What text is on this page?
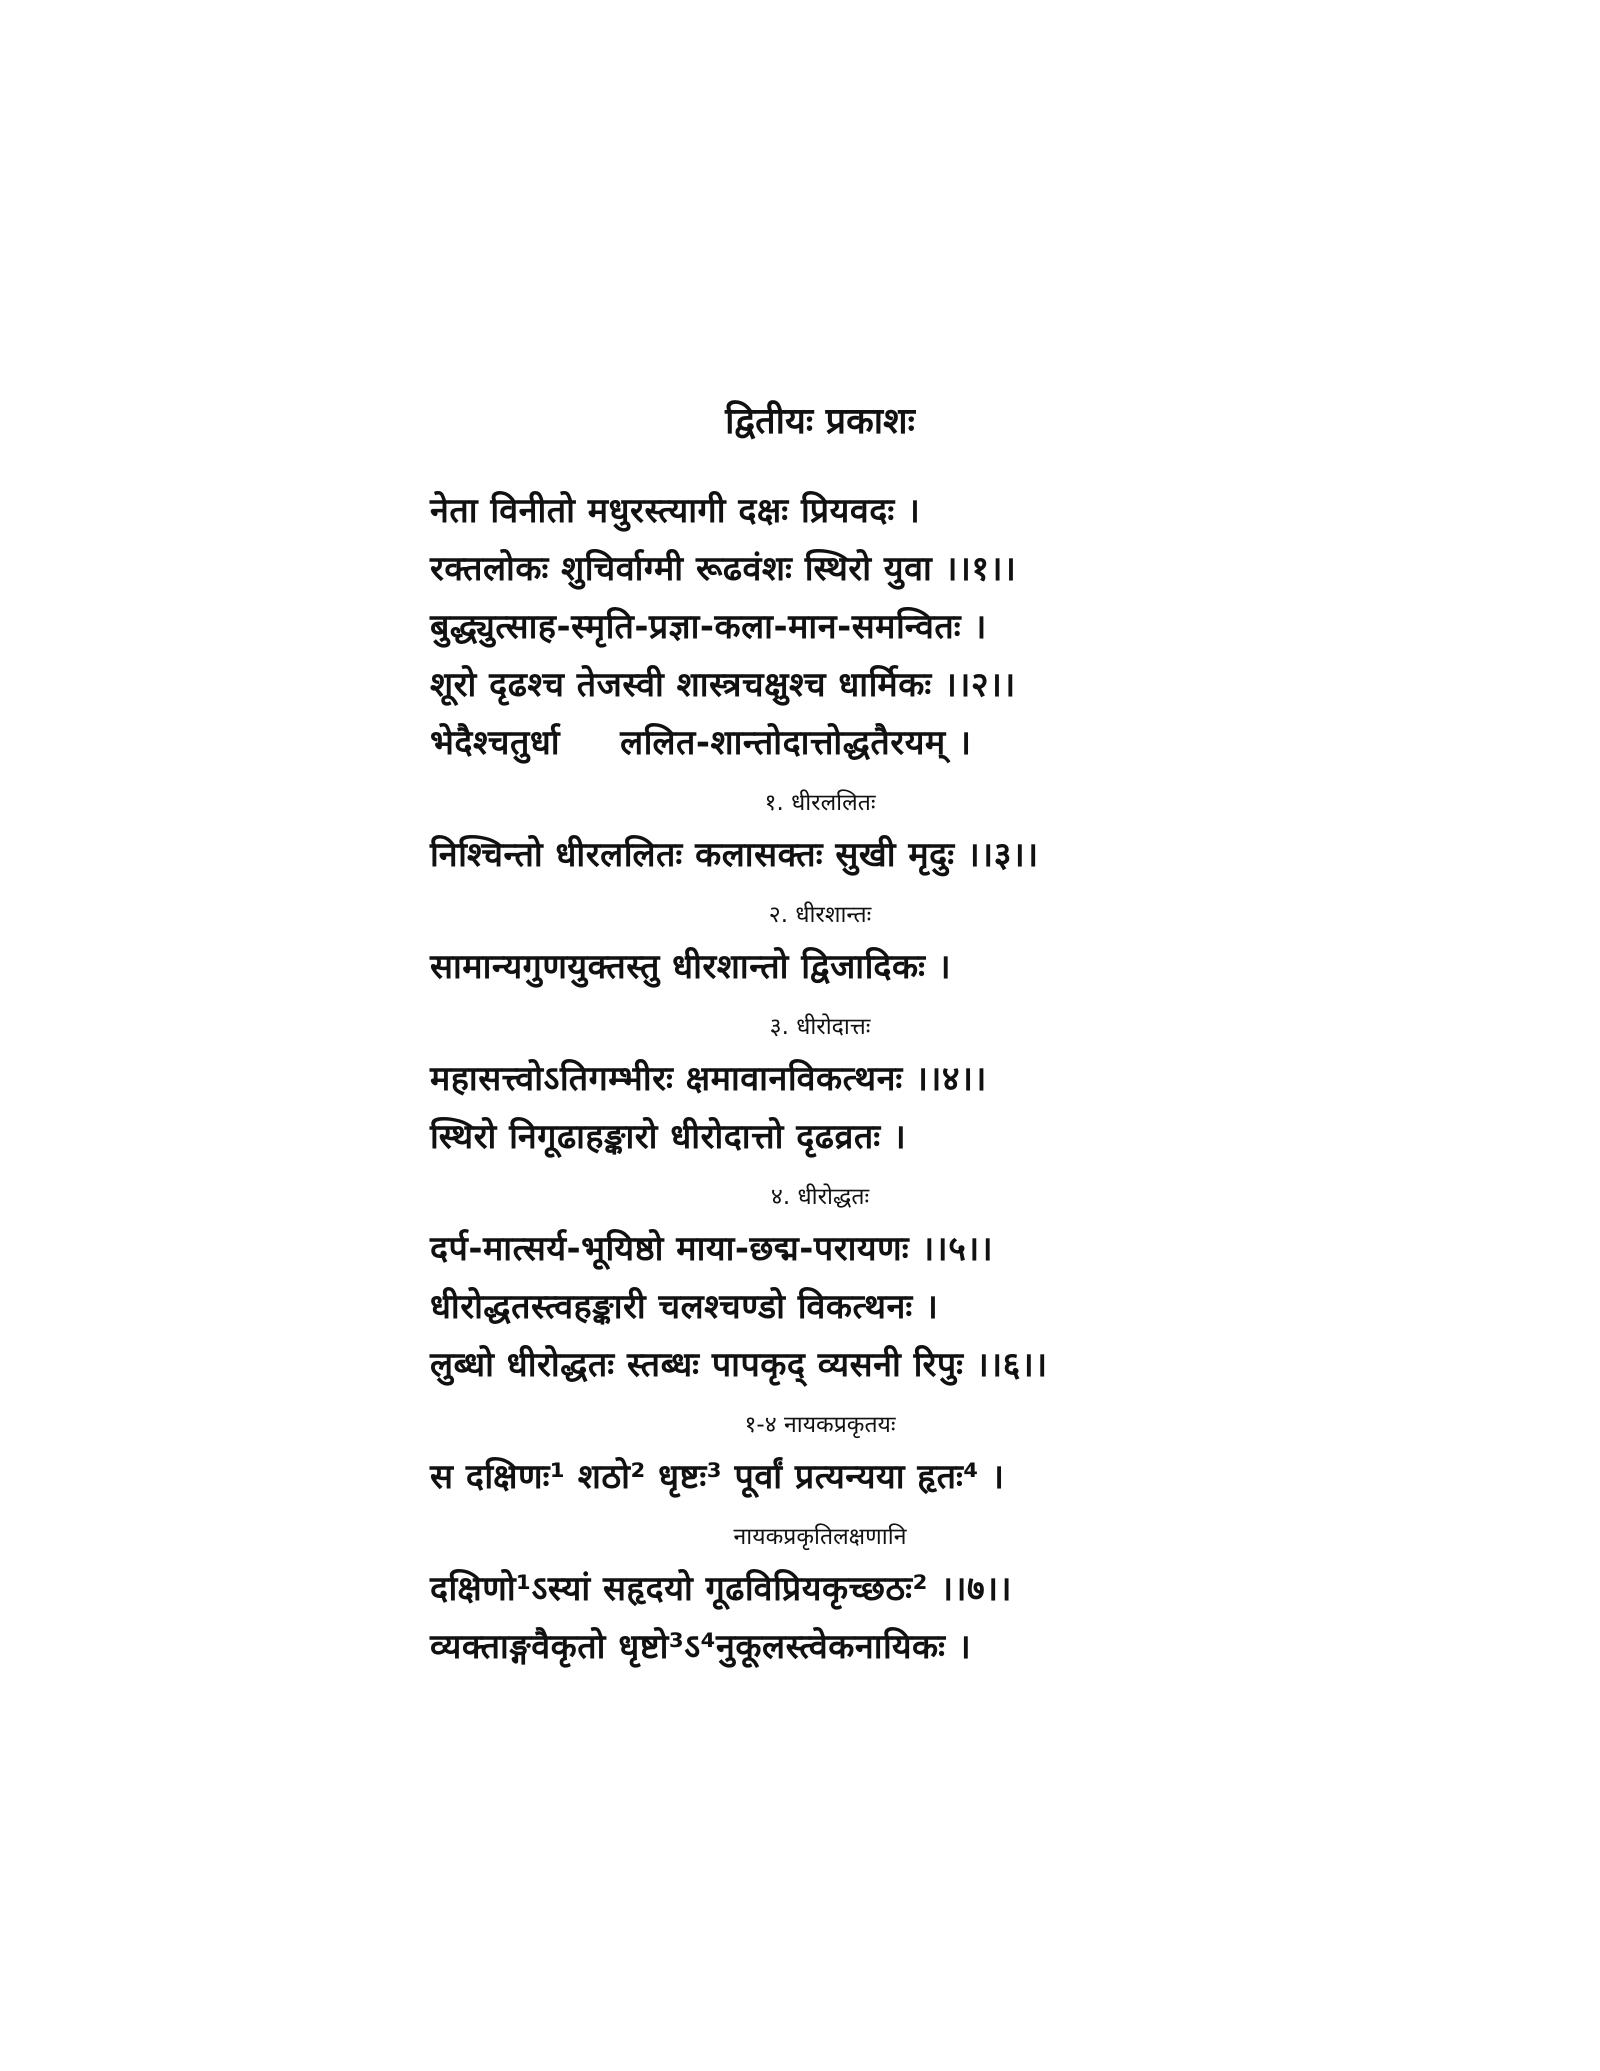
द्वितीयः प्रकाशः
नेता विनीतो मधुरस्त्यागी दक्षः प्रियवदः ।
रक्तलोकः शुचिर्वाग्मी रूढवंशः स्थिरो युवा ।।१।।
बुद्ध्युत्साह-स्मृति-प्रज्ञा-कला-मान-समन्वितः ।
शूरो दृढश्च तेजस्वी शास्त्रचक्षुश्च धार्मिकः ।।२।।
भेदैश्चतुर्धा ललित-शान्तोदात्तोद्धतैरयम् ।
१. धीरललितः
निश्चिन्तो धीरललितः कलासक्तः सुखी मृदुः ।।३।।
२. धीरशान्तः
सामान्यगुणयुक्तस्तु धीरशान्तो द्विजादिकः ।
३. धीरोदात्तः
महासत्त्वोऽतिगम्भीरः क्षमावानविकत्थनः ।।४।।
स्थिरो निगूढाहङ्कारो धीरोदात्तो दृढव्रतः ।
४. धीरोद्धतः
दर्प-मात्सर्य-भूयिष्ठो माया-छद्म-परायणः ।।५।।
धीरोद्धतस्त्वहङ्कारी चलश्चण्डो विकत्थनः ।
लुब्धो धीरोद्धतः स्तब्धः पापकृद् व्यसनी रिपुः ।।६।।
१-४ नायकप्रकृतयः
स दक्षिणः¹ शठो² धृष्टः³ पूर्वां प्रत्यन्यया हृतः⁴ ।
नायकप्रकृतिलक्षणानि
दक्षिणो¹ऽस्यां सहृदयो गूढविप्रियकृच्छठः² ।।७।।
व्यक्ताङ्गवैकृतो धृष्टो³ऽ⁴नुकूलस्त्वेकनायिकः ।
